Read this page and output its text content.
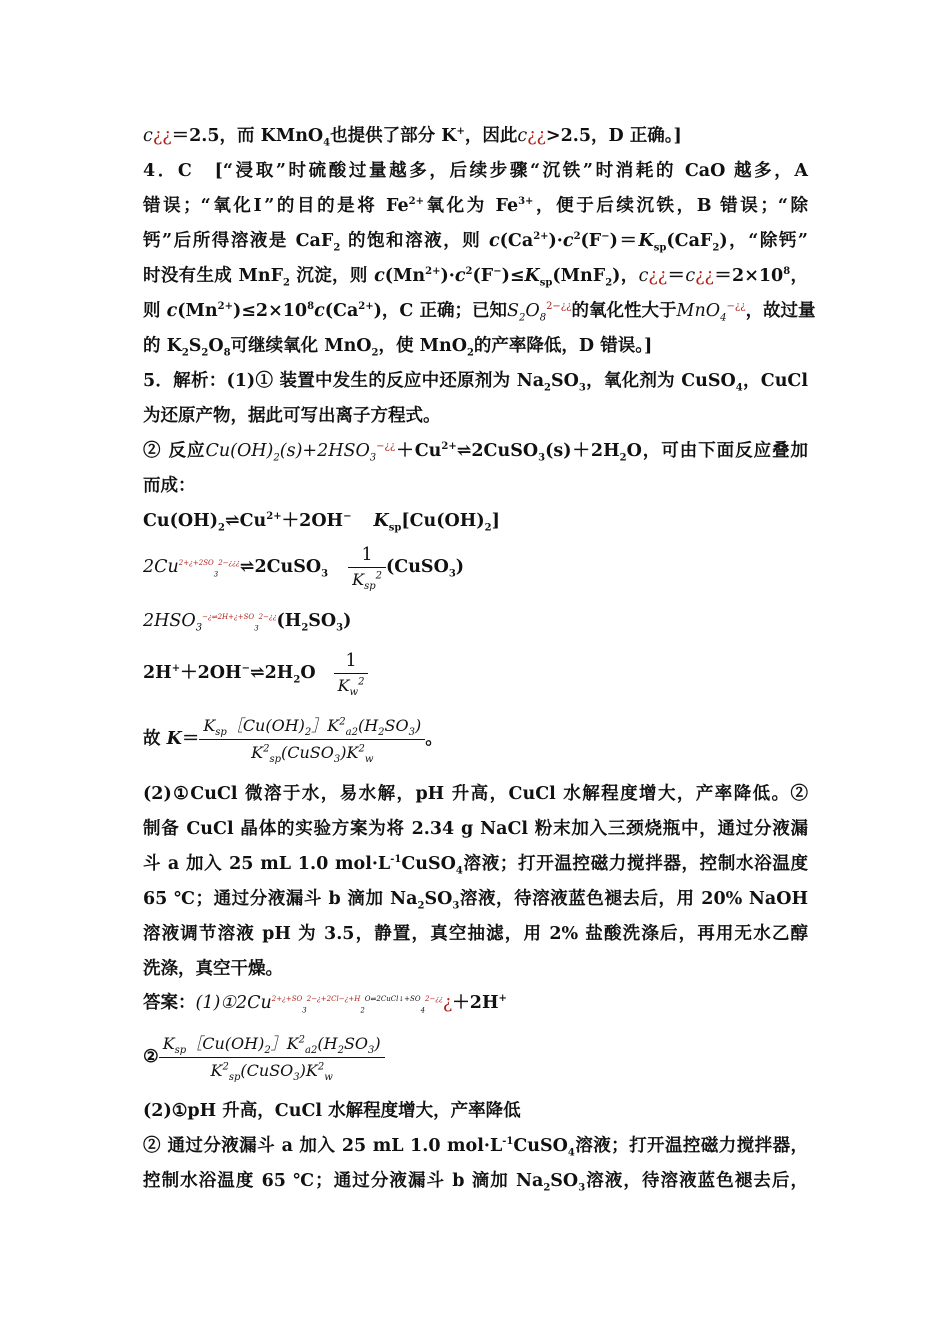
c¿¿＝2.5，而 KMnO$_4$也提供了部分 K+，因此c¿¿>2.5，D 正确。]
4．C　[“浸取”时硫酸过量越多，后续步骤“沉铁”时消耗的 CaO 越多，A
错误；“氧化Ⅰ”的目的是将 $Fe^{2+}$氧化为 $Fe^{3+}$，便于后续沉铁，B 错误；“除
钙”后所得溶液是 CaF$_2$ 的饱和溶液，则 $c(Ca^{2+})\cdot c^2(F^-)=K_{sp}(CaF_2)$，“除钙”
时没有生成 MnF$_2$ 沉淀，则 $c(Mn^{2+})\cdot c^2(F^-)\le K_{sp}(MnF_2)$，$c¿¿=c¿¿=2\times 10^8$，
则 $c(Mn^{2+})\le 2\times 10^8c(Ca^{2+})$，C 正确；已知$S_2O_8^{2-¿¿}$的氧化性大于MnO$_4$−¿¿，故过量
的 $K_2S_2O_8$可继续氧化 MnO$_2$，使 MnO$_2$的产率降低，D 错误。]
5．解析：(1)① 装置中发生的反应中还原剂为 $Na_2SO_3$，氧化剂为 CuSO$_4$，CuCl
为还原产物，据此可写出离子方程式。
② 反应$Cu(OH)_2(s)+2HSO_3^{-¿¿}+Cu^{2+}\rightleftharpoons 2CuSO_3(s)+2H_2O$，可由下面反应叠加
而成：
$Cu(OH)_2\rightleftharpoons Cu^{2+}+2OH^-$ $K_{sp}[Cu(OH)_2]$
$2Cu^{2+¿+2SO}_3^{2-¿¿¿}\rightleftharpoons 2CuSO_3 \frac{1}{K_{sp}^2}$ (CuSO$_3$)
$2HSO_3^{-¿\rightleftharpoons 2H+¿+SO}_3^{2-¿¿}(H_2SO_3)$
$2H^++2OH^-\rightleftharpoons 2H_2O \frac{1}{K_w^2}$
故 $K= \frac{K_{sp}[Cu(OH)_2]K^2_{a2}(H_2SO_3)}{K^2_{sp}(CuSO_3)K^2_w}$ 。
(2)①CuCl 微溶于水，易水解，pH 升高，CuCl 水解程度增大，产率降低。②
制备 CuCl 晶体的实验方案为将 2.34 g NaCl 粉末加入三颈烧瓶中，通过分液漏
斗 a 加入 25 mL 1.0 $mol\cdot L^{-1}CuSO_4$溶液；打开温控磁力搅拌器，控制水浴温度
65 ℃；通过分液漏斗 b 滴加 $Na_2SO_3$溶液，待溶液蓝色褪去后，用 20% NaOH
溶液调节溶液 pH 为 3.5，静置，真空抽滤，用 2% 盐酸洗涤后，再用无水乙醇
洗涤，真空干燥。
答案：$(1)①2Cu^{2+¿+SO}_3^{2-¿+2Cl-¿+H}_2^{O\rightleftharpoons 2CuCl↓+SO}_4^{2-¿¿}¿+2H^+$
② $\frac{K_{sp}[Cu(OH)_2]K^2_{a2}(H_2SO_3)}{K^2_{sp}(CuSO_3)K^2_w}$
(2)①pH 升高，CuCl 水解程度增大，产率降低
② 通过分液漏斗 a 加入 25 mL 1.0 $mol\cdot L^{-1}CuSO_4$溶液；打开温控磁力搅拌器，
控制水浴温度 65 ℃；通过分液漏斗 b 滴加 $Na_2SO_3$溶液，待溶液蓝色褪去后，
